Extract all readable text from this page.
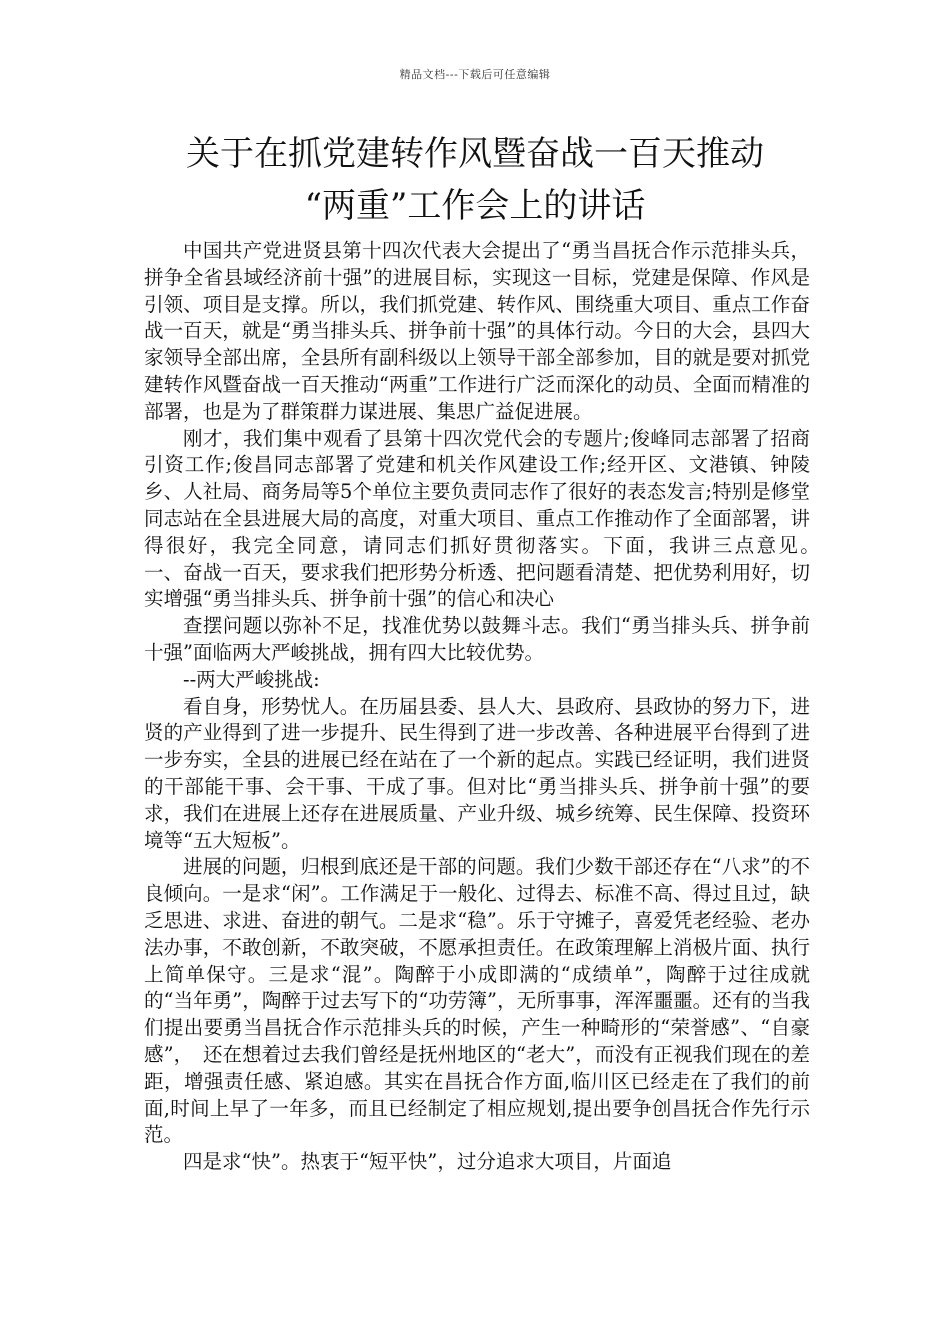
精品文档---下载后可任意编辑
关于在抓党建转作风暨奋战一百天推动
“两重”工作会上的讲话

中国共产党进贤县第十四次代表大会提出了“勇当昌抚合作示范排头兵，拼争全省县域经济前十强”的进展目标，实现这一目标，党建是保障、作风是引领、项目是支撑。所以，我们抓党建、转作风、围绕重大项目、重点工作奋战一百天，就是“勇当排头兵、拼争前十强”的具体行动。今日的大会，县四大家领导全部出席，全县所有副科级以上领导干部全部参加，目的就是要对抓党建转作风暨奋战一百天推动“两重”工作进行广泛而深化的动员、全面而精准的部署，也是为了群策群力谋进展、集思广益促进展。

刚才，我们集中观看了县第十四次党代会的专题片;俊峰同志部署了招商引资工作;俊昌同志部署了党建和机关作风建设工作;经开区、文港镇、钟陵乡、人社局、商务局等5个单位主要负责同志作了很好的表态发言;特别是修堂同志站在全县进展大局的高度，对重大项目、重点工作推动作了全面部署，讲得很好，我完全同意，请同志们抓好贯彻落实。下面，我讲三点意见。　　一、奋战一百天，要求我们把形势分析透、把问题看清楚、把优势利用好，切实增强“勇当排头兵、拼争前十强”的信心和决心

查摆问题以弥补不足，找准优势以鼓舞斗志。我们“勇当排头兵、拼争前十强”面临两大严峻挑战，拥有四大比较优势。

--两大严峻挑战:

看自身，形势忧人。在历届县委、县人大、县政府、县政协的努力下，进贤的产业得到了进一步提升、民生得到了进一步改善、各种进展平台得到了进一步夯实，全县的进展已经在站在了一个新的起点。实践已经证明，我们进贤的干部能干事、会干事、干成了事。但对比“勇当排头兵、拼争前十强”的要求，我们在进展上还存在进展质量、产业升级、城乡统筹、民生保障、投资环境等“五大短板”。

进展的问题，归根到底还是干部的问题。我们少数干部还存在“八求”的不良倾向。一是求“闲”。工作满足于一般化、过得去、标准不高、得过且过，缺乏思进、求进、奋进的朝气。二是求“稳”。乐于守摊子，喜爱凭老经验、老办法办事，不敢创新，不敢突破，不愿承担责任。在政策理解上消极片面、执行上简单保守。三是求“混”。陶醉于小成即满的“成绩单”，陶醉于过往成就的“当年勇”，陶醉于过去写下的“功劳簿”，无所事事，浑浑噩噩。还有的当我们提出要勇当昌抚合作示范排头兵的时候，产生一种畸形的“荣誉感”、“自豪感”，　还在想着过去我们曾经是抚州地区的“老大”，而没有正视我们现在的差距，增强责任感、紧迫感。其实在昌抚合作方面,临川区已经走在了我们的前面,时间上早了一年多，而且已经制定了相应规划,提出要争创昌抚合作先行示范。

四是求“快”。热衷于“短平快”，过分追求大项目，片面追
